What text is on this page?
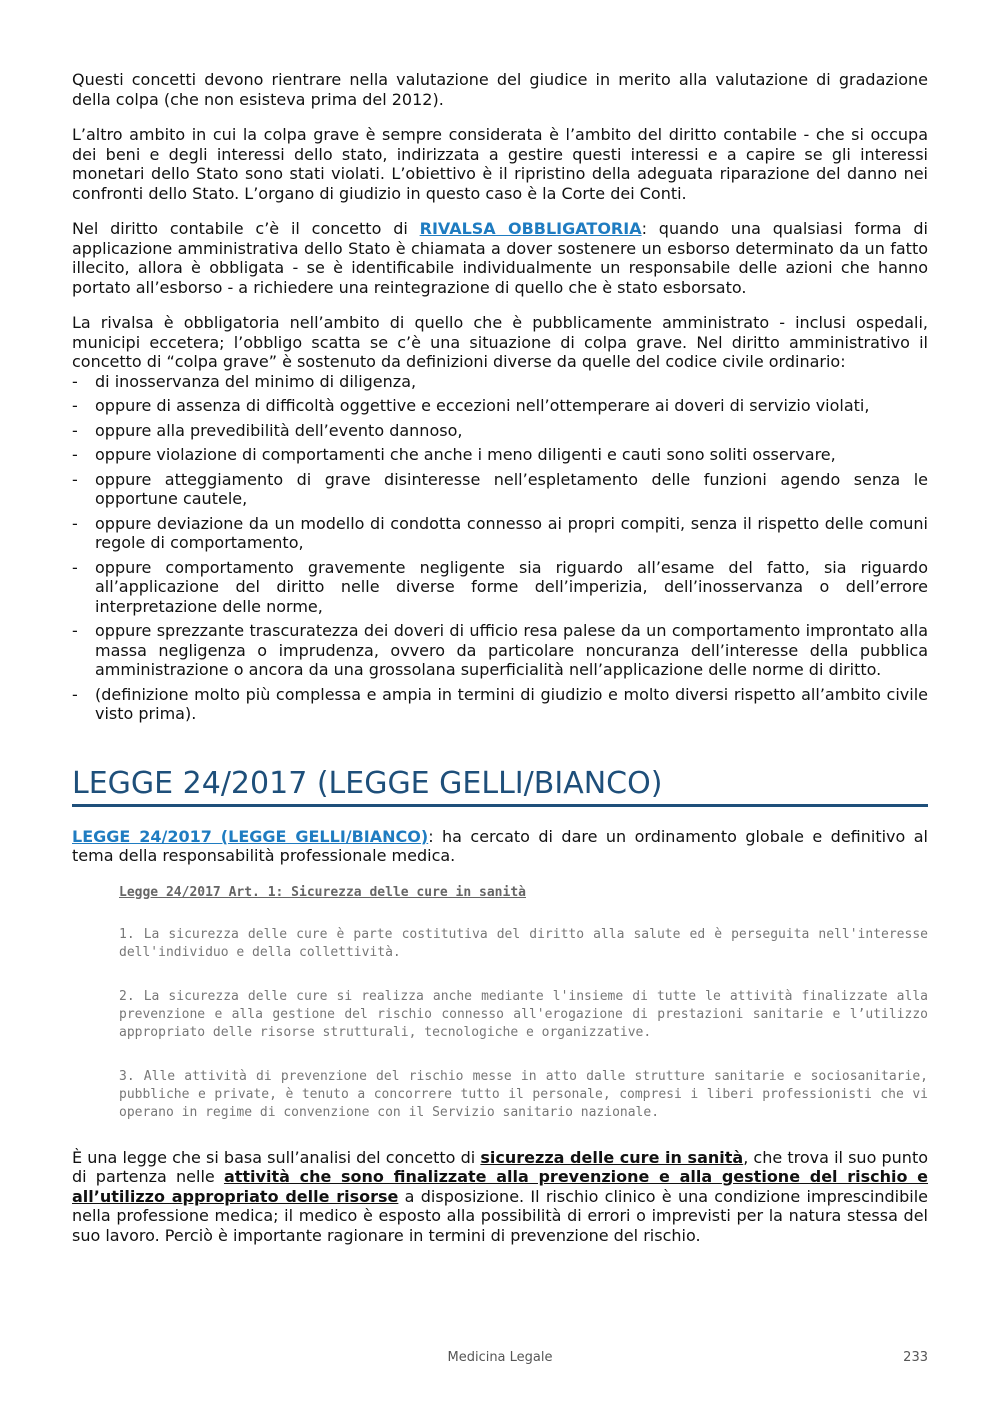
Questi concetti devono rientrare nella valutazione del giudice in merito alla valutazione di gradazione della colpa (che non esisteva prima del 2012).

L’altro ambito in cui la colpa grave è sempre considerata è l’ambito del diritto contabile - che si occupa dei beni e degli interessi dello stato, indirizzata a gestire questi interessi e a capire se gli interessi monetari dello Stato sono stati violati. L’obiettivo è il ripristino della adeguata riparazione del danno nei confronti dello Stato. L’organo di giudizio in questo caso è la Corte dei Conti.

Nel diritto contabile c’è il concetto di RIVALSA OBBLIGATORIA: quando una qualsiasi forma di applicazione amministrativa dello Stato è chiamata a dover sostenere un esborso determinato da un fatto illecito, allora è obbligata - se è identificabile individualmente un responsabile delle azioni che hanno portato all’esborso - a richiedere una reintegrazione di quello che è stato esborsato.

La rivalsa è obbligatoria nell’ambito di quello che è pubblicamente amministrato - inclusi ospedali, municipi eccetera; l’obbligo scatta se c’è una situazione di colpa grave. Nel diritto amministrativo il concetto di “colpa grave” è sostenuto da definizioni diverse da quelle del codice civile ordinario:

- di inosservanza del minimo di diligenza,
- oppure di assenza di difficoltà oggettive e eccezioni nell’ottemperare ai doveri di servizio violati,
- oppure alla prevedibilità dell’evento dannoso,
- oppure violazione di comportamenti che anche i meno diligenti e cauti sono soliti osservare,
- oppure atteggiamento di grave disinteresse nell’espletamento delle funzioni agendo senza le opportune cautele,
- oppure deviazione da un modello di condotta connesso ai propri compiti, senza il rispetto delle comuni regole di comportamento,
- oppure comportamento gravemente negligente sia riguardo all’esame del fatto, sia riguardo all’applicazione del diritto nelle diverse forme dell’imperizia, dell’inosservanza o dell’errore interpretazione delle norme,
- oppure sprezzante trascuratezza dei doveri di ufficio resa palese da un comportamento improntato alla massa negligenza o imprudenza, ovvero da particolare noncuranza dell’interesse della pubblica amministrazione o ancora da una grossolana superficialità nell’applicazione delle norme di diritto.
- (definizione molto più complessa e ampia in termini di giudizio e molto diversi rispetto all’ambito civile visto prima).
LEGGE 24/2017 (LEGGE GELLI/BIANCO)

LEGGE 24/2017 (LEGGE GELLI/BIANCO): ha cercato di dare un ordinamento globale e definitivo al tema della responsabilità professionale medica.

Legge 24/2017 Art. 1: Sicurezza delle cure in sanità
1. La sicurezza delle cure è parte costitutiva del diritto alla salute ed è perseguita nell'interesse dell'individuo e della collettività.
2. La sicurezza delle cure si realizza anche mediante l'insieme di tutte le attività finalizzate alla prevenzione e alla gestione del rischio connesso all'erogazione di prestazioni sanitarie e l’utilizzo appropriato delle risorse strutturali, tecnologiche e organizzative.
3. Alle attività di prevenzione del rischio messe in atto dalle strutture sanitarie e sociosanitarie, pubbliche e private, è tenuto a concorrere tutto il personale, compresi i liberi professionisti che vi operano in regime di convenzione con il Servizio sanitario nazionale.

È una legge che si basa sull’analisi del concetto di sicurezza delle cure in sanità, che trova il suo punto di partenza nelle attività che sono finalizzate alla prevenzione e alla gestione del rischio e all’utilizzo appropriato delle risorse a disposizione. Il rischio clinico è una condizione imprescindibile nella professione medica; il medico è esposto alla possibilità di errori o imprevisti per la natura stessa del suo lavoro. Perciò è importante ragionare in termini di prevenzione del rischio.

Medicina Legale	233
